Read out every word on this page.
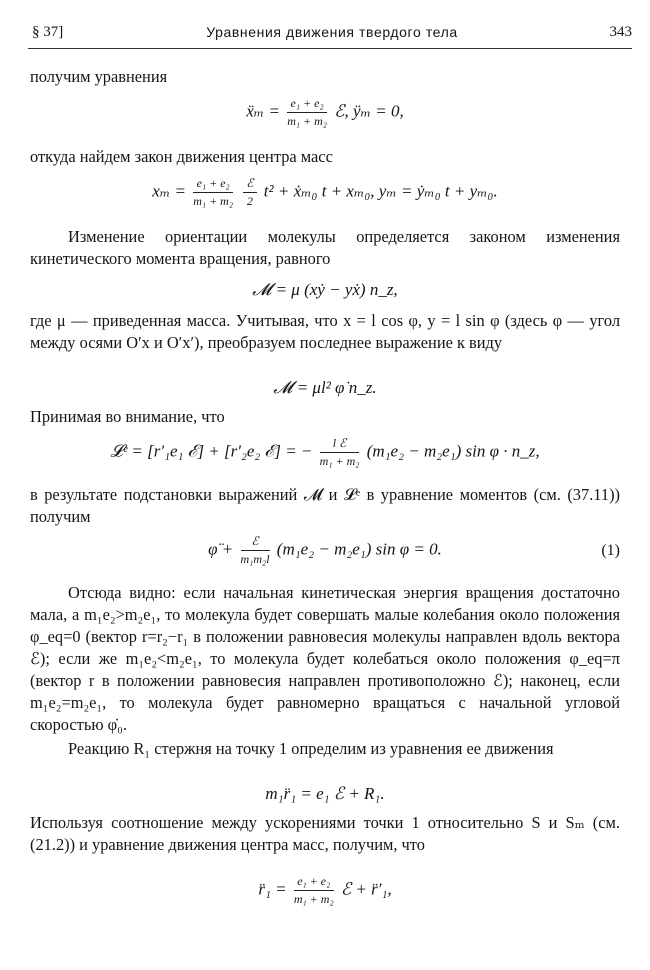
§ 37]	Уравнения движения твердого тела	343
получим уравнения
ẍₘ = $\frac{\text{e₁ + e₂}}{\text{m₁ + m₂}}$ ℰ, ÿₘ = 0,
откуда найдем закон движения центра масс
$x_m = \frac{\text{e₁ + e₂}}{\text{m₁ + m₂}}$
$\frac{\text{ℰ}}{2} t^2$ + ẋₘ₀ t + xₘ₀, yₘ = ẏₘ₀ t + yₘ₀.
Изменение ориентации молекулы определяется законом изменения кинетического момента вращения, равного
𝓜 = μ (xẏ − yẋ) n_z,
где μ — приведенная масса. Учитывая, что x = l cos φ, y = l sin φ (здесь φ — угол между осями O′x и O′x′), преобразуем последнее выражение к виду
𝓜 = μl² φ̇ n_z.
Принимая во внимание, что
𝓛ᵉ = [r′₁e₁ ℰ] + [r′₂e₂ ℰ] = − $\frac{\text{l ℰ}}{\text{m₁ + m₂}} (m_1e_2 - m_2e_1)$ sin φ · n_z,
в результате подстановки выражений 𝓜 и 𝓛ᵉ в уравнение моментов (см. (37.11)) получим
φ̈ + $\frac{\text{ℰ}}{\text{m₁m₂l}} (m_1e_2 - m_2e_1)$ sin φ = 0.	(1)
Отсюда видно: если начальная кинетическая энергия вращения достаточно мала, а m₁e₂>m₂e₁, то молекула будет совершать малые колебания около положения φ_eq=0 (вектор r=r₂−r₁ в положении равновесия молекулы направлен вдоль вектора ℰ); если же m₁e₂<m₂e₁, то молекула будет колебаться около положения φ_eq=π (вектор r в положении равновесия направлен противоположно ℰ); наконец, если m₁e₂=m₂e₁, то молекула будет равномерно вращаться с начальной угловой скоростью φ̇₀.
Реакцию R₁ стержня на точку 1 определим из уравнения ее движения
m₁r̈₁ = e₁ ℰ + R₁.
Используя соотношение между ускорениями точки 1 относительно S и Sₘ (см. (21.2)) и уравнение движения центра масс, получим, что
r̈₁ = $\frac{\text{e₁ + e₂}}{\text{m₁ + m₂}}$ ℰ + r̈′₁,
